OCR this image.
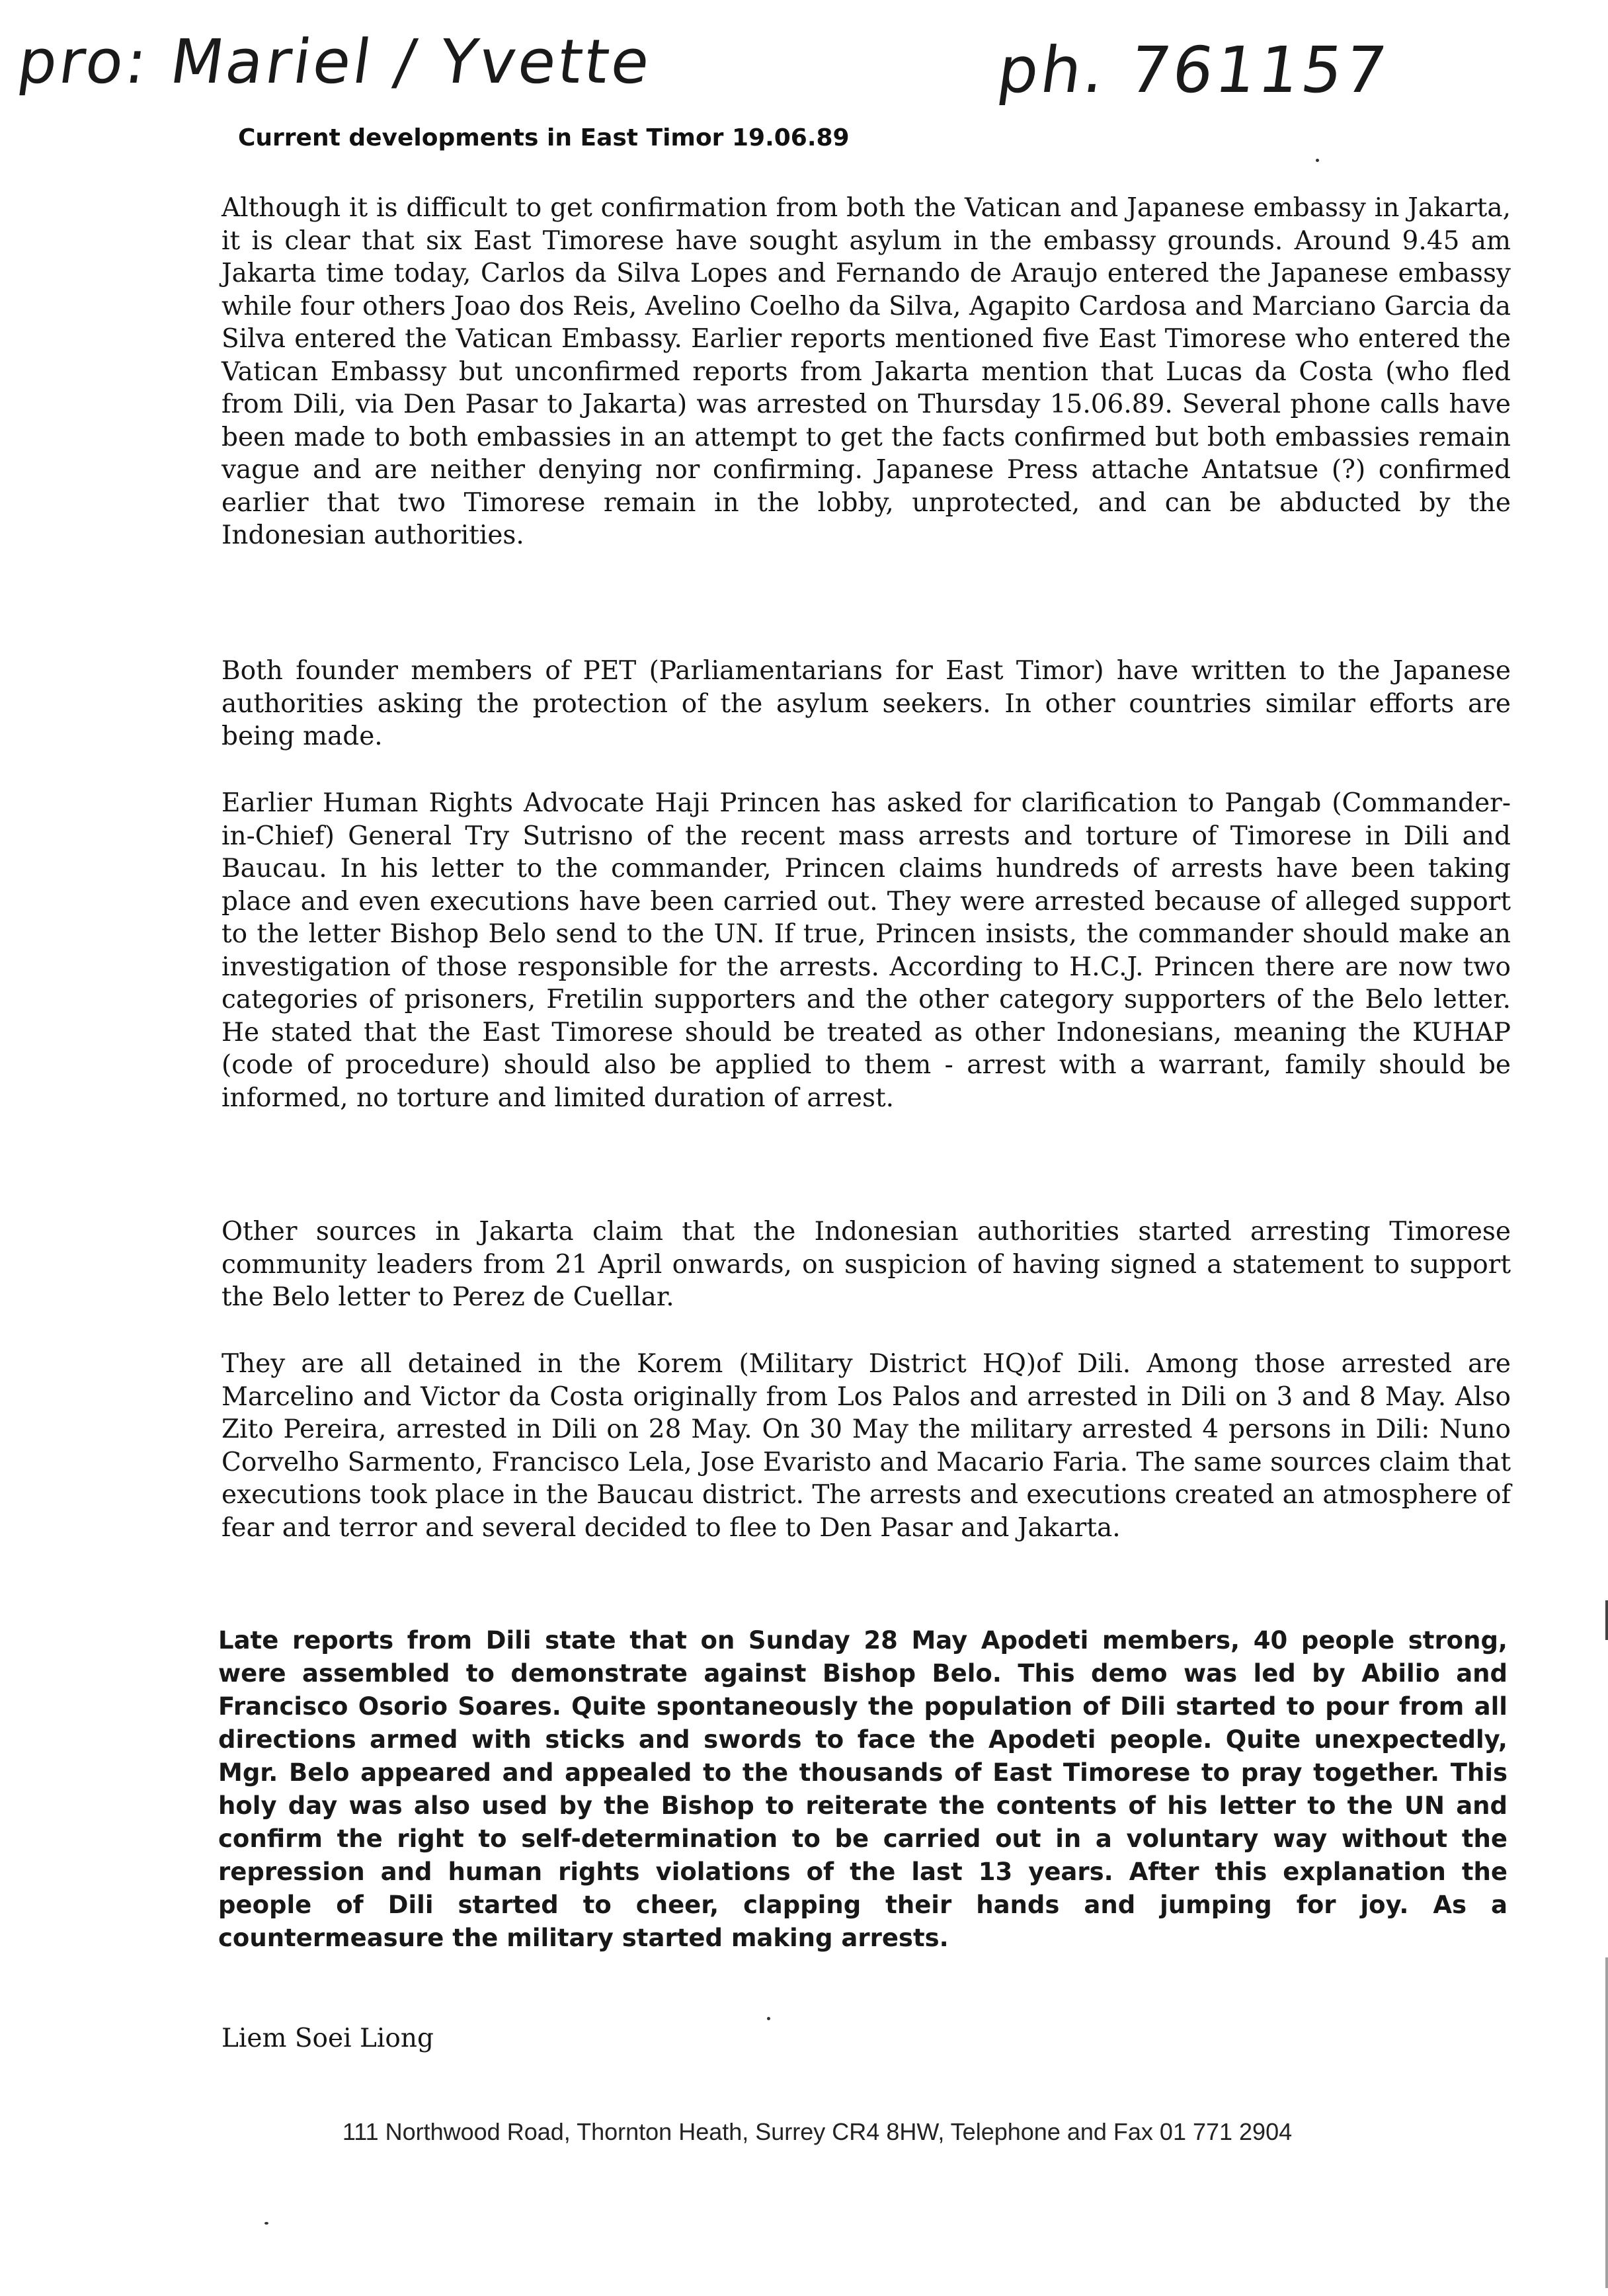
pro: Mariel / Yvette	ph. 761157
Current developments in East Timor 19.06.89
Although it is difficult to get confirmation from both the Vatican and Japanese embassy in Jakarta, it is clear that six East Timorese have sought asylum in the embassy grounds. Around 9.45 am Jakarta time today, Carlos da Silva Lopes and Fernando de Araujo entered the Japanese embassy while four others Joao dos Reis, Avelino Coelho da Silva, Agapito Cardosa and Marciano Garcia da Silva entered the Vatican Embassy. Earlier reports mentioned five East Timorese who entered the Vatican Embassy but unconfirmed reports from Jakarta mention that Lucas da Costa (who fled from Dili, via Den Pasar to Jakarta) was arrested on Thursday 15.06.89. Several phone calls have been made to both embassies in an attempt to get the facts confirmed but both embassies remain vague and are neither denying nor confirming. Japanese Press attache Antatsue (?) confirmed earlier that two Timorese remain in the lobby, unprotected, and can be abducted by the Indonesian authorities.
Both founder members of PET (Parliamentarians for East Timor) have written to the Japanese authorities asking the protection of the asylum seekers. In other countries similar efforts are being made.
Earlier Human Rights Advocate Haji Princen has asked for clarification to Pangab (Commander-in-Chief) General Try Sutrisno of the recent mass arrests and torture of Timorese in Dili and Baucau. In his letter to the commander, Princen claims hundreds of arrests have been taking place and even executions have been carried out. They were arrested because of alleged support to the letter Bishop Belo send to the UN. If true, Princen insists, the commander should make an investigation of those responsible for the arrests. According to H.C.J. Princen there are now two categories of prisoners, Fretilin supporters and the other category supporters of the Belo letter. He stated that the East Timorese should be treated as other Indonesians, meaning the KUHAP (code of procedure) should also be applied to them - arrest with a warrant, family should be informed, no torture and limited duration of arrest.
Other sources in Jakarta claim that the Indonesian authorities started arresting Timorese community leaders from 21 April onwards, on suspicion of having signed a statement to support the Belo letter to Perez de Cuellar.
They are all detained in the Korem (Military District HQ)of Dili. Among those arrested are Marcelino and Victor da Costa originally from Los Palos and arrested in Dili on 3 and 8 May. Also Zito Pereira, arrested in Dili on 28 May. On 30 May the military arrested 4 persons in Dili: Nuno Corvelho Sarmento, Francisco Lela, Jose Evaristo and Macario Faria. The same sources claim that executions took place in the Baucau district. The arrests and executions created an atmosphere of fear and terror and several decided to flee to Den Pasar and Jakarta.
Late reports from Dili state that on Sunday 28 May Apodeti members, 40 people strong, were assembled to demonstrate against Bishop Belo. This demo was led by Abilio and Francisco Osorio Soares. Quite spontaneously the population of Dili started to pour from all directions armed with sticks and swords to face the Apodeti people. Quite unexpectedly, Mgr. Belo appeared and appealed to the thousands of East Timorese to pray together. This holy day was also used by the Bishop to reiterate the contents of his letter to the UN and confirm the right to self-determination to be carried out in a voluntary way without the repression and human rights violations of the last 13 years. After this explanation the people of Dili started to cheer, clapping their hands and jumping for joy. As a countermeasure the military started making arrests.
Liem Soei Liong
111 Northwood Road, Thornton Heath, Surrey CR4 8HW, Telephone and Fax 01 771 2904
